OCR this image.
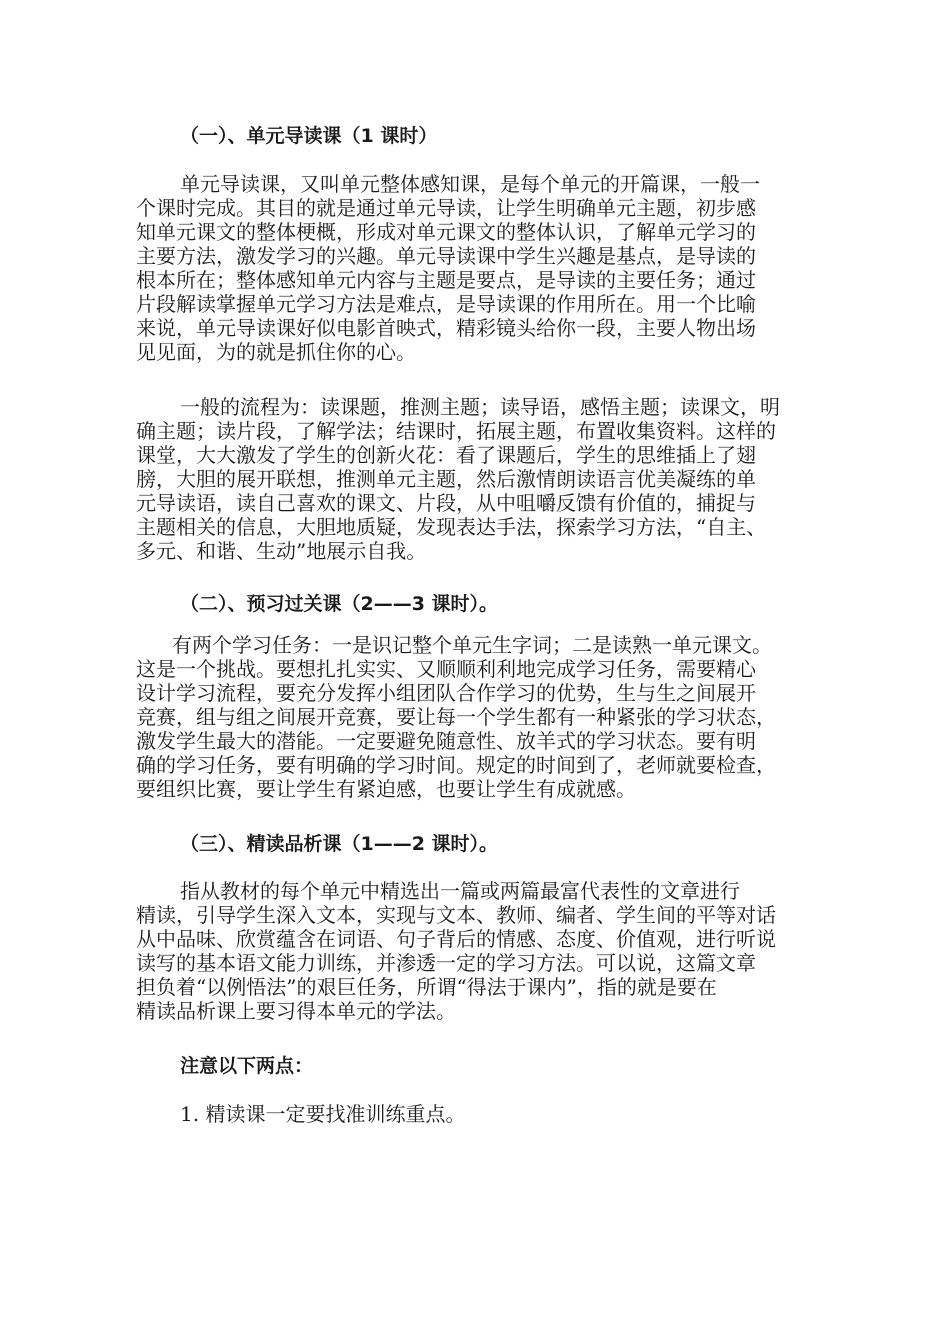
（一）、单元导读课（1 课时）
单元导读课，又叫单元整体感知课，是每个单元的开篇课，一般一
个课时完成。其目的就是通过单元导读，让学生明确单元主题，初步感
知单元课文的整体梗概，形成对单元课文的整体认识，了解单元学习的
主要方法，激发学习的兴趣。单元导读课中学生兴趣是基点，是导读的
根本所在；整体感知单元内容与主题是要点，是导读的主要任务；通过
片段解读掌握单元学习方法是难点，是导读课的作用所在。用一个比喻
来说，单元导读课好似电影首映式，精彩镜头给你一段，主要人物出场
见见面，为的就是抓住你的心。
一般的流程为：读课题，推测主题；读导语，感悟主题；读课文，明
确主题；读片段，了解学法；结课时，拓展主题，布置收集资料。这样的
课堂，大大激发了学生的创新火花：看了课题后，学生的思维插上了翅
膀，大胆的展开联想，推测单元主题，然后激情朗读语言优美凝练的单
元导读语，读自己喜欢的课文、片段，从中咀嚼反馈有价值的，捕捉与
主题相关的信息，大胆地质疑，发现表达手法，探索学习方法，“自主、
多元、和谐、生动”地展示自我。
（二）、预习过关课（2——3 课时）。
有两个学习任务：一是识记整个单元生字词；二是读熟一单元课文。
这是一个挑战。要想扎扎实实、又顺顺利利地完成学习任务，需要精心
设计学习流程，要充分发挥小组团队合作学习的优势，生与生之间展开
竞赛，组与组之间展开竞赛，要让每一个学生都有一种紧张的学习状态，
激发学生最大的潜能。一定要避免随意性、放羊式的学习状态。要有明
确的学习任务，要有明确的学习时间。规定的时间到了，老师就要检查，
要组织比赛，要让学生有紧迫感，也要让学生有成就感。
（三）、精读品析课（1——2 课时）。
指从教材的每个单元中精选出一篇或两篇最富代表性的文章进行
精读，引导学生深入文本，实现与文本、教师、编者、学生间的平等对话
从中品味、欣赏蕴含在词语、句子背后的情感、态度、价值观，进行听说
读写的基本语文能力训练，并渗透一定的学习方法。可以说，这篇文章
担负着“以例悟法”的艰巨任务，所谓“得法于课内”，指的就是要在
精读品析课上要习得本单元的学法。
注意以下两点：
1. 精读课一定要找准训练重点。
